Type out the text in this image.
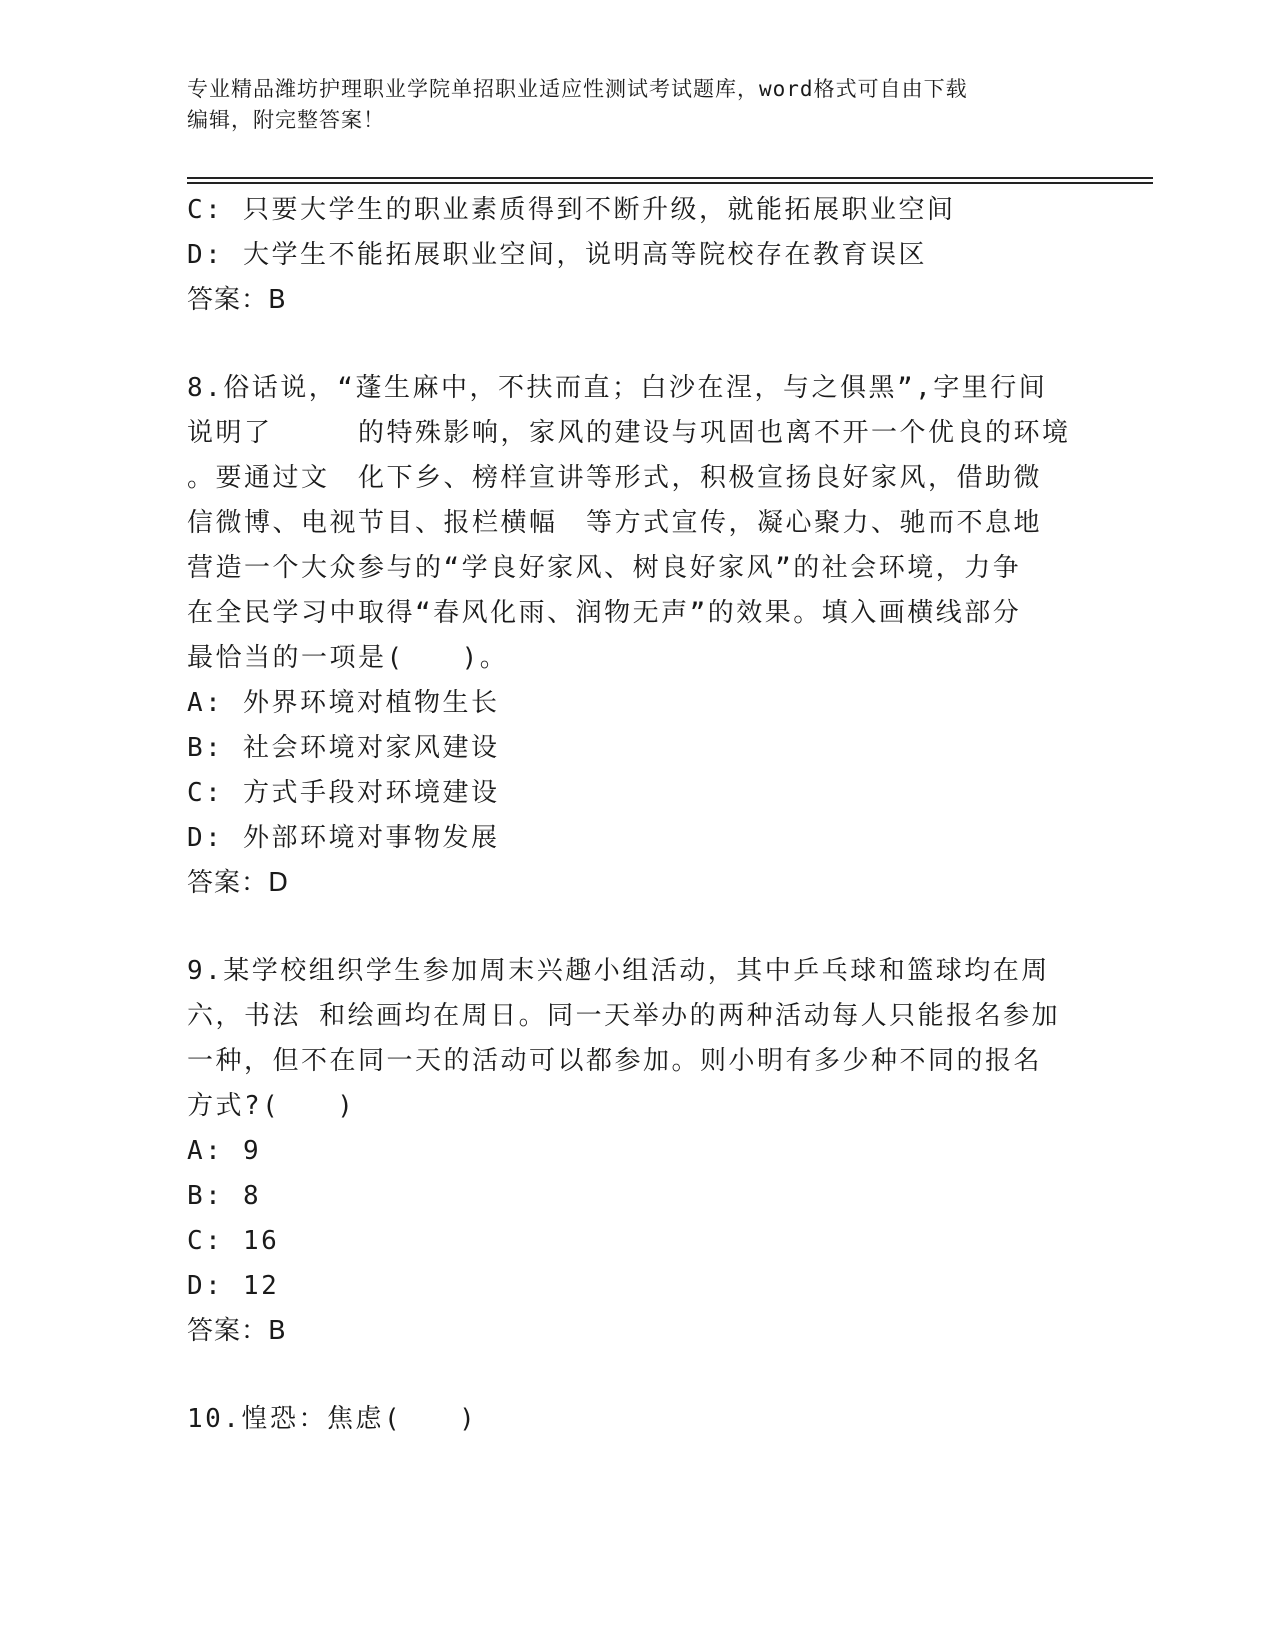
专业精品潍坊护理职业学院单招职业适应性测试考试题库，word格式可自由下载
编辑，附完整答案！
C: 只要大学生的职业素质得到不断升级，就能拓展职业空间
D: 大学生不能拓展职业空间，说明高等院校存在教育误区
答案：B
8.俗话说，“蓬生麻中，不扶而直；白沙在涅，与之俱黑”,字里行间
说明了　　　的特殊影响，家风的建设与巩固也离不开一个优良的环境
。要通过文　化下乡、榜样宣讲等形式，积极宣扬良好家风，借助微
信微博、电视节目、报栏横幅　等方式宣传，凝心聚力、驰而不息地
营造一个大众参与的“学良好家风、树良好家风”的社会环境，力争
在全民学习中取得“春风化雨、润物无声”的效果。填入画横线部分
最恰当的一项是(　　)。
A: 外界环境对植物生长
B: 社会环境对家风建设
C: 方式手段对环境建设
D: 外部环境对事物发展
答案：D
9.某学校组织学生参加周末兴趣小组活动，其中乒乓球和篮球均在周
六，书法 和绘画均在周日。同一天举办的两种活动每人只能报名参加
一种，但不在同一天的活动可以都参加。则小明有多少种不同的报名
方式?(　　)
A: 9
B: 8
C: 16
D: 12
答案：B
10.惶恐：焦虑(　　)
